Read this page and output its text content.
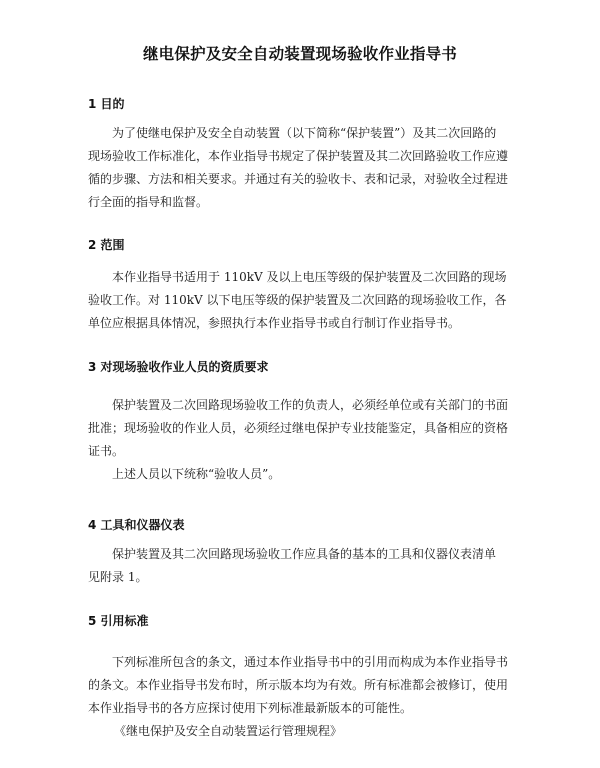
继电保护及安全自动装置现场验收作业指导书
1 目的
为了使继电保护及安全自动装置（以下简称“保护装置”）及其二次回路的
现场验收工作标准化，本作业指导书规定了保护装置及其二次回路验收工作应遵
循的步骤、方法和相关要求。并通过有关的验收卡、表和记录，对验收全过程进
行全面的指导和监督。
2 范围
本作业指导书适用于 110kV 及以上电压等级的保护装置及二次回路的现场
验收工作。对 110kV 以下电压等级的保护装置及二次回路的现场验收工作，各
单位应根据具体情况，参照执行本作业指导书或自行制订作业指导书。
3 对现场验收作业人员的资质要求
保护装置及二次回路现场验收工作的负责人，必须经单位或有关部门的书面
批准；现场验收的作业人员，必须经过继电保护专业技能鉴定，具备相应的资格
证书。
上述人员以下统称“验收人员”。
4 工具和仪器仪表
保护装置及其二次回路现场验收工作应具备的基本的工具和仪器仪表清单
见附录 1。
5 引用标准
下列标准所包含的条文，通过本作业指导书中的引用而构成为本作业指导书
的条文。本作业指导书发布时，所示版本均为有效。所有标准都会被修订，使用
本作业指导书的各方应探讨使用下列标准最新版本的可能性。
《继电保护及安全自动装置运行管理规程》
